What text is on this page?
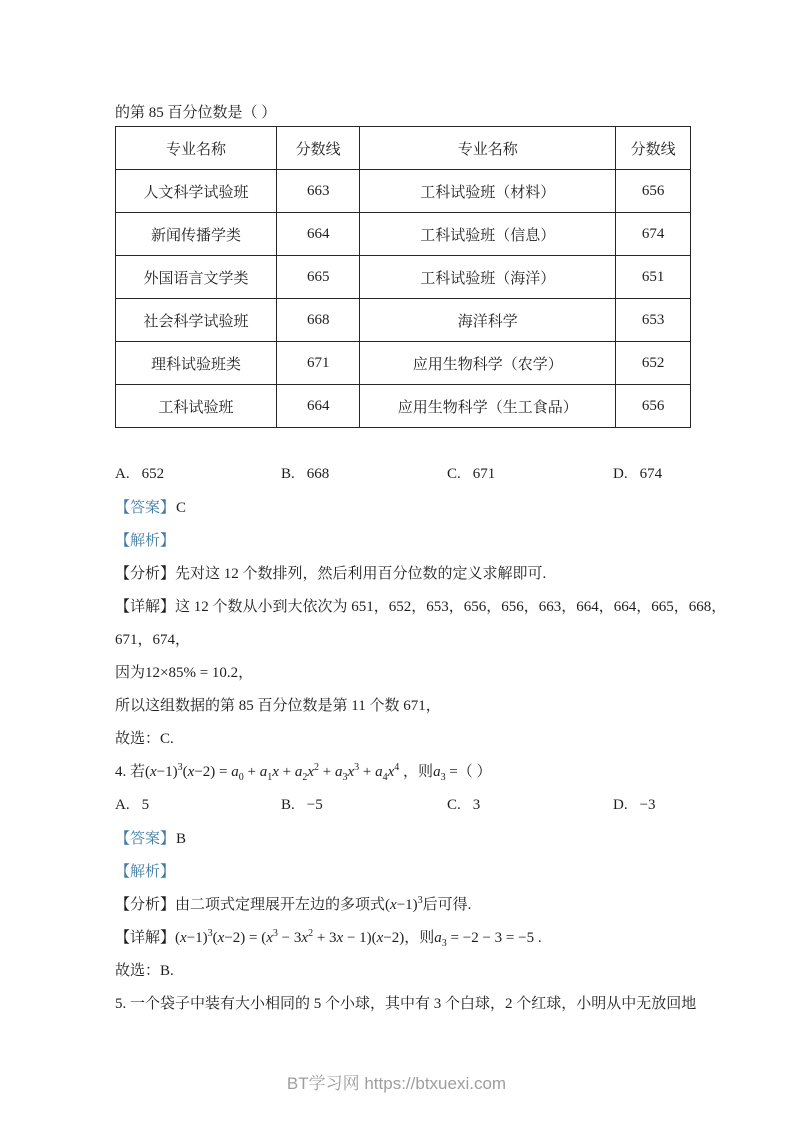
的第 85 百分位数是（ ）
专业名称	分数线	专业名称	分数线
人文科学试验班	663	工科试验班（材料）	656
新闻传播学类	664	工科试验班（信息）	674
外国语言文学类	665	工科试验班（海洋）	651
社会科学试验班	668	海洋科学	653
理科试验班类	671	应用生物科学（农学）	652
工科试验班	664	应用生物科学（生工食品）	656
A. 652	B. 668	C. 671	D. 674
【答案】C
【解析】
【分析】先对这 12 个数排列，然后利用百分位数的定义求解即可.
【详解】这 12 个数从小到大依次为 651，652，653，656，656，663，664，664，665，668，
671，674，
因为12×85% = 10.2，
所以这组数据的第 85 百分位数是第 11 个数 671，
故选：C.
4. 若$(x-1)^3(x-2) = a_0 + a_1x + a_2x^2 + a_3x^3 + a_4x^4$ ，则$a_3$ =（ ）
A. 5	B. −5	C. 3	D. −3
【答案】B
【解析】
【分析】由二项式定理展开左边的多项式$(x-1)^3$后可得.
【详解】$(x-1)^3(x-2) = (x^3 - 3x^2 + 3x - 1)(x-2)$，则$a_3 = -2 - 3 = -5$ .
故选：B.
5. 一个袋子中装有大小相同的 5 个小球，其中有 3 个白球，2 个红球，小明从中无放回地
BT学习网 https://btxuexi.com
